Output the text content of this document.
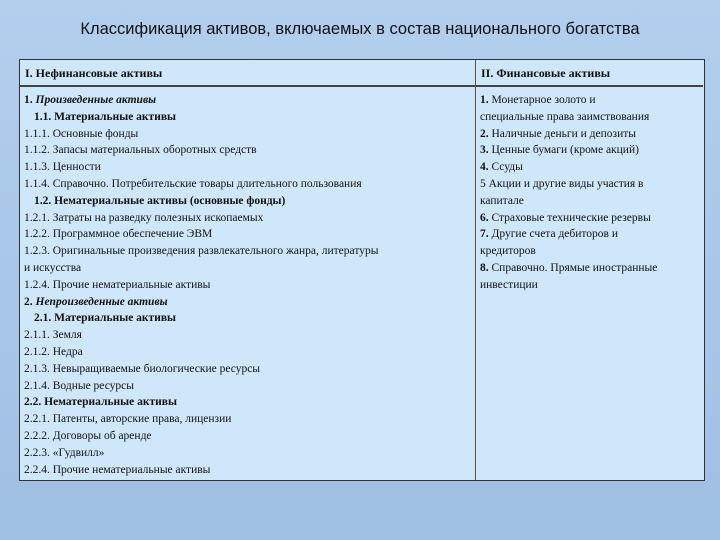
Классификация активов, включаемых в состав национального богатства
I. Нефинансовые активы
1. Произведенные активы
1.1. Материальные активы
1.1.1. Основные фонды
1.1.2. Запасы материальных оборотных средств
1.1.3. Ценности
1.1.4. Справочно. Потребительские товары длительного пользования
1.2. Нематериальные активы (основные фонды)
1.2.1. Затраты на разведку полезных ископаемых
1.2.2. Программное обеспечение ЭВМ
1.2.3. Оригинальные произведения развлекательного жанра, литературы
и искусства
1.2.4. Прочие нематериальные активы
2. Непроизведенные активы
2.1. Материальные активы
2.1.1. Земля
2.1.2. Недра
2.1.3. Невыращиваемые биологические ресурсы
2.1.4. Водные ресурсы
2.2. Нематериальные активы
2.2.1. Патенты, авторские права, лицензии
2.2.2. Договоры об аренде
2.2.3. «Гудвилл»
2.2.4. Прочие нематериальные активы
II. Финансовые активы
1. Монетарное золото и
специальные права заимствования
2. Наличные деньги и депозиты
3. Ценные бумаги (кроме акций)
4. Ссуды
5 Акции и другие виды участия в
капитале
6. Страховые технические резервы
7. Другие счета дебиторов и
кредиторов
8. Справочно. Прямые иностранные
инвестиции
